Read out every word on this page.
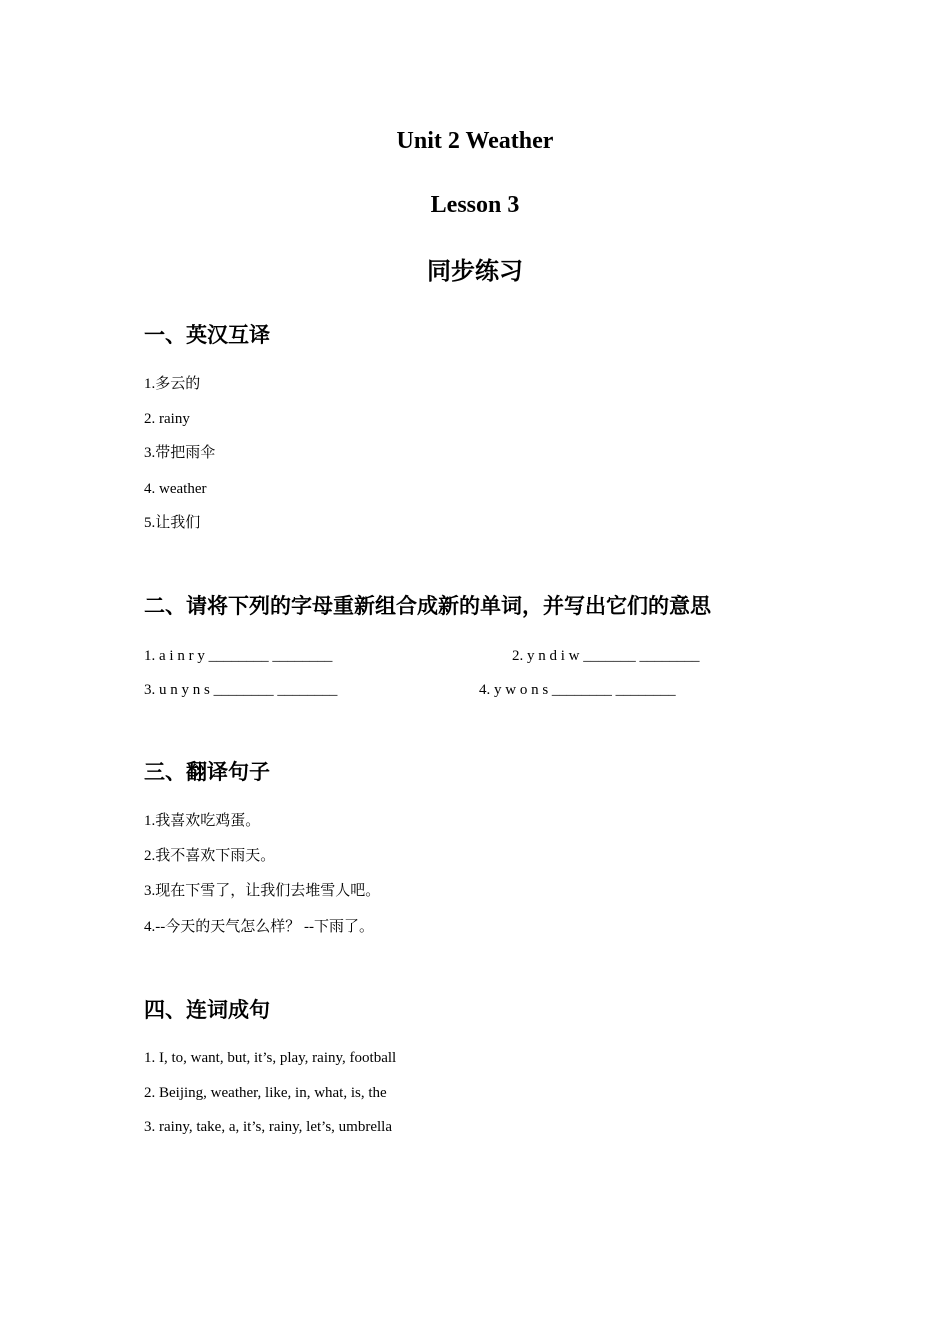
Unit 2 Weather
Lesson 3
同步练习
一、英汉互译

1.多云的

2. rainy

3.带把雨伞

4. weather

5.让我们

二、请将下列的字母重新组合成新的单词，并写出它们的意思

1. a i n r y ________ ________	2. y n d i w _______ ________

3. u n y n s ________ ________	4. y w o n s ________ ________

三、翻译句子

1.我喜欢吃鸡蛋。

2.我不喜欢下雨天。

3.现在下雪了，让我们去堆雪人吧。

4.--今天的天气怎么样？ --下雨了。

四、连词成句

1. I, to, want, but, it’s, play, rainy, football

2. Beijing, weather, like, in, what, is, the

3. rainy, take, a, it’s, rainy, let’s, umbrella
